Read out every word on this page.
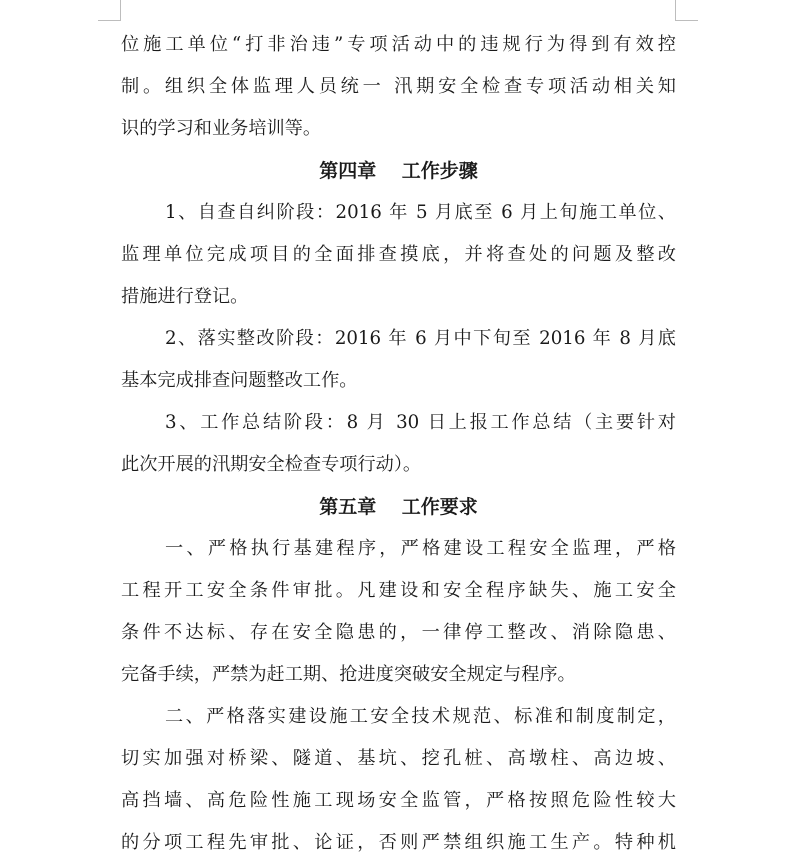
位施工单位“打非治违”专项活动中的违规行为得到有效控
制。组织全体监理人员统一 汛期安全检查专项活动相关知
识的学习和业务培训等。
第四章　 工作步骤
1、自查自纠阶段：2016 年 5 月底至 6 月上旬施工单位、
监理单位完成项目的全面排查摸底，并将查处的问题及整改
措施进行登记。
2、落实整改阶段：2016 年 6 月中下旬至 2016 年 8 月底
基本完成排查问题整改工作。
3、工作总结阶段：8 月 30 日上报工作总结（主要针对
此次开展的汛期安全检查专项行动）。
第五章　 工作要求
一、严格执行基建程序，严格建设工程安全监理，严格
工程开工安全条件审批。凡建设和安全程序缺失、施工安全
条件不达标、存在安全隐患的，一律停工整改、消除隐患、
完备手续，严禁为赶工期、抢进度突破安全规定与程序。
二、严格落实建设施工安全技术规范、标准和制度制定，
切实加强对桥梁、隧道、基坑、挖孔桩、高墩柱、高边坡、
高挡墙、高危险性施工现场安全监管，严格按照危险性较大
的分项工程先审批、论证，否则严禁组织施工生产。特种机
